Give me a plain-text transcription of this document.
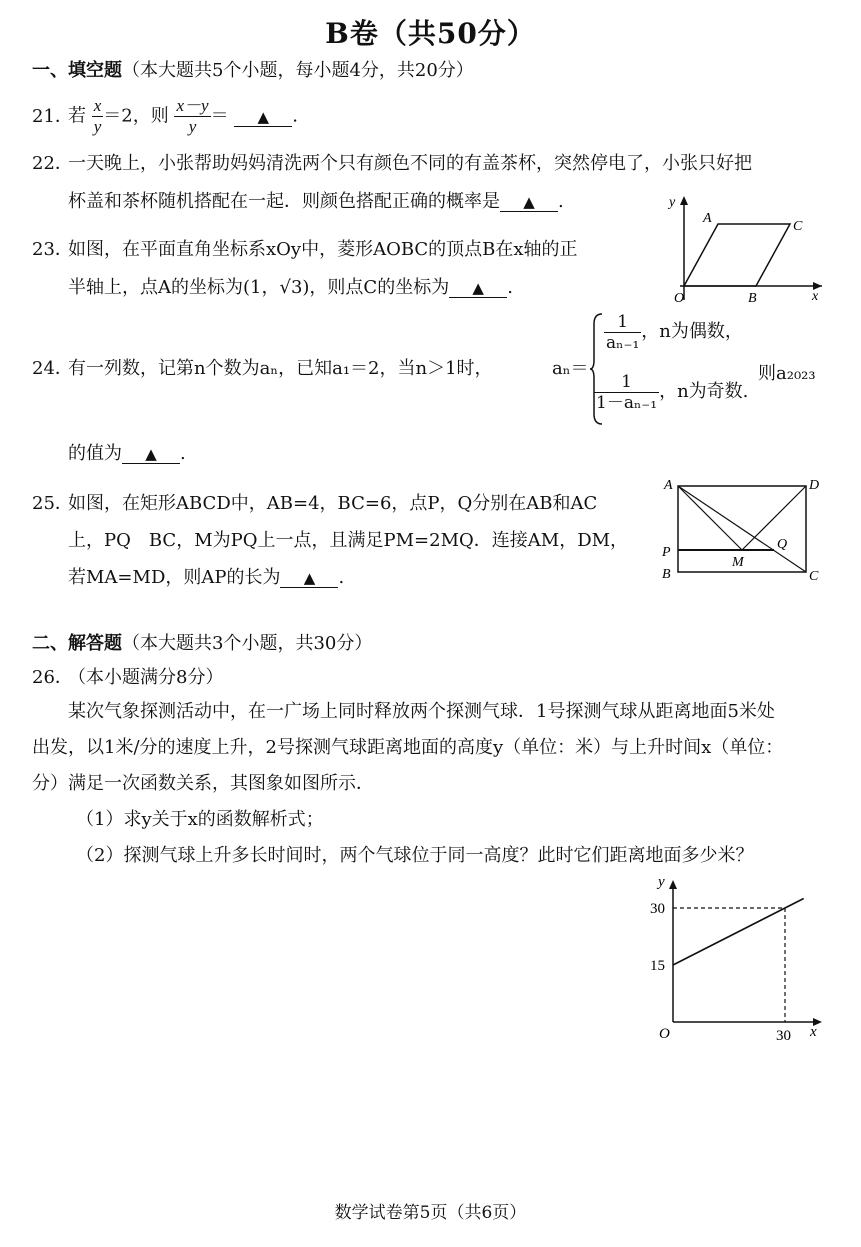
B卷（共50分）
一、填空题（本大题共5个小题，每小题4分，共20分）
21．若 $\frac{x}{y} =2$，则 $\frac{x-y}{y}$ ＝ ▲ .
22．一天晚上，小张帮助妈妈清洗两个只有颜色不同的有盖茶杯，突然停电了，小张只好把
杯盖和茶杯随机搭配在一起．则颜色搭配正确的概率是 ▲ .
23．如图，在平面直角坐标系xOy中，菱形AOBC的顶点B在x轴的正
半轴上，点A的坐标为(1，√3)，则点C的坐标为 ▲ .
O
A
C
B	x
y
24．有一列数，记第n个数为aₙ，已知a₁＝2，当n＞1时，	aₙ＝
$\frac{1}{\text{aₙ₋₁}}$ ，n为偶数，
$\frac{1}{\text{1－aₙ₋₁}}$ ，n为奇数.
则a₂₀₂₃
的值为 ▲ .
25．如图，在矩形ABCD中，AB=4，BC=6，点P，Q分别在AB和AC
上，PQ　BC，M为PQ上一点，且满足PM=2MQ．连接AM，DM，
若MA=MD，则AP的长为 ▲ .
A	D
P
B	C
Q
M
二、解答题（本大题共3个小题，共30分）
26．（本小题满分8分）
某次气象探测活动中，在一广场上同时释放两个探测气球．1号探测气球从距离地面5米处
出发，以1米/分的速度上升，2号探测气球距离地面的高度y（单位：米）与上升时间x（单位：
分）满足一次函数关系，其图象如图所示．
（1）求y关于x的函数解析式；
（2）探测气球上升多长时间时，两个气球位于同一高度？此时它们距离地面多少米？
O	x
y
30
15
30
数学试卷第5页（共6页）
